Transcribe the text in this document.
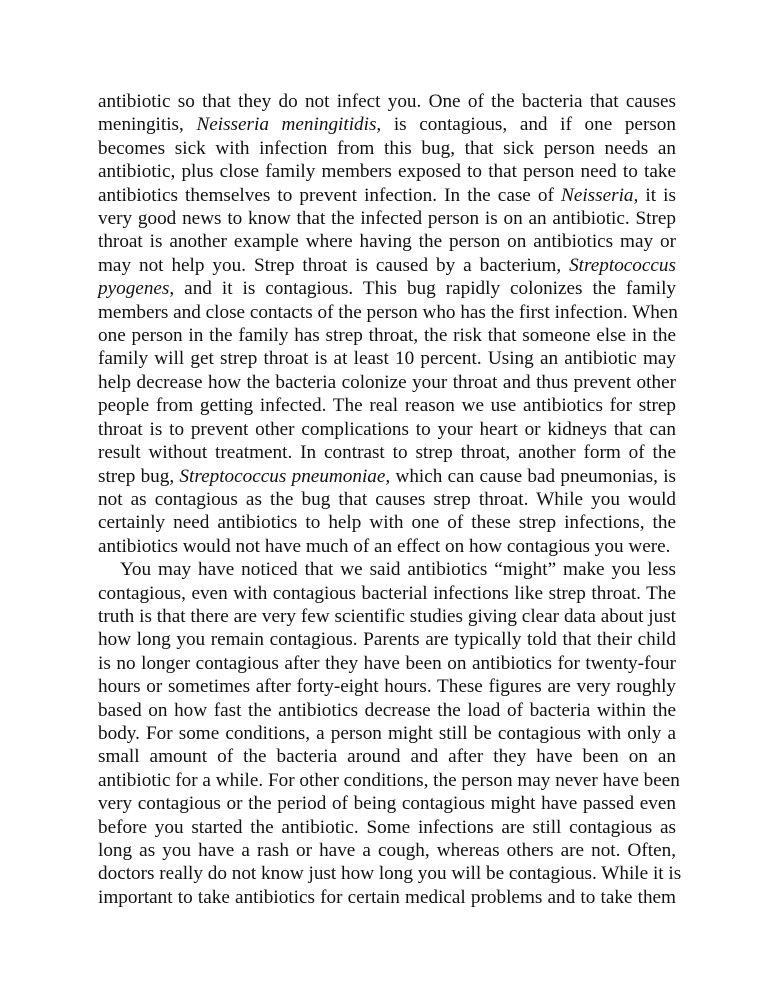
antibiotic so that they do not infect you. One of the bacteria that causes
meningitis, Neisseria meningitidis, is contagious, and if one person
becomes sick with infection from this bug, that sick person needs an
antibiotic, plus close family members exposed to that person need to take
antibiotics themselves to prevent infection. In the case of Neisseria, it is
very good news to know that the infected person is on an antibiotic. Strep
throat is another example where having the person on antibiotics may or
may not help you. Strep throat is caused by a bacterium, Streptococcus
pyogenes, and it is contagious. This bug rapidly colonizes the family
members and close contacts of the person who has the first infection. When
one person in the family has strep throat, the risk that someone else in the
family will get strep throat is at least 10 percent. Using an antibiotic may
help decrease how the bacteria colonize your throat and thus prevent other
people from getting infected. The real reason we use antibiotics for strep
throat is to prevent other complications to your heart or kidneys that can
result without treatment. In contrast to strep throat, another form of the
strep bug, Streptococcus pneumoniae, which can cause bad pneumonias, is
not as contagious as the bug that causes strep throat. While you would
certainly need antibiotics to help with one of these strep infections, the
antibiotics would not have much of an effect on how contagious you were.
You may have noticed that we said antibiotics “might” make you less
contagious, even with contagious bacterial infections like strep throat. The
truth is that there are very few scientific studies giving clear data about just
how long you remain contagious. Parents are typically told that their child
is no longer contagious after they have been on antibiotics for twenty-four
hours or sometimes after forty-eight hours. These figures are very roughly
based on how fast the antibiotics decrease the load of bacteria within the
body. For some conditions, a person might still be contagious with only a
small amount of the bacteria around and after they have been on an
antibiotic for a while. For other conditions, the person may never have been
very contagious or the period of being contagious might have passed even
before you started the antibiotic. Some infections are still contagious as
long as you have a rash or have a cough, whereas others are not. Often,
doctors really do not know just how long you will be contagious. While it is
important to take antibiotics for certain medical problems and to take them
